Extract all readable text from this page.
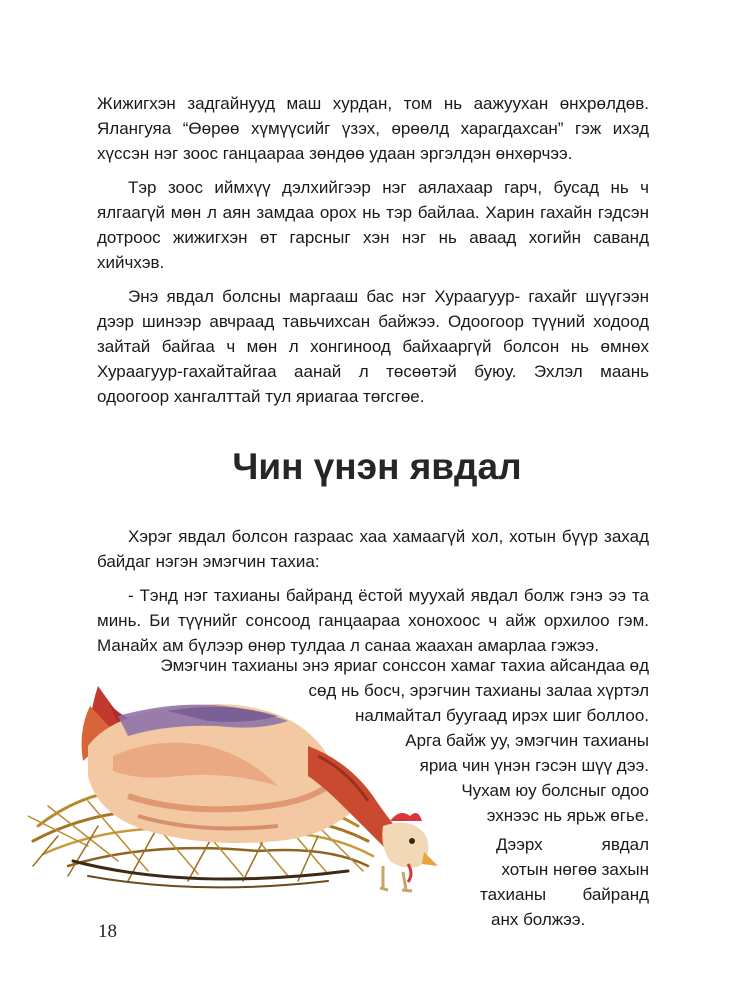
Жижигхэн задгайнууд маш хурдан, том нь аажуухан өнхрөлдөв. Ялангуяа “Өөрөө хүмүүсийг үзэх, өрөөлд харагдахсан” гэж ихэд хүссэн нэг зоос ганцаараа зөндөө удаан эргэлдэн өнхөрчээ.

Тэр зоос иймхүү дэлхийгээр нэг аялахаар гарч, бусад нь ч ялгаагүй мөн л аян замдаа орох нь тэр байлаа. Харин гахайн гэдсэн дотроос жижигхэн өт гарсныг хэн нэг нь аваад хогийн саванд хийчхэв.

Энэ явдал болсны маргааш бас нэг Хураагуур- гахайг шүүгээн дээр шинээр авчраад тавьчихсан байжээ. Одоогоор түүний ходоод зайтай байгаа ч мөн л хонгиноод байхааргүй болсон нь өмнөх Хураагуур-гахайтайгаа аанай л төсөөтэй буюу. Эхлэл маань одоогоор хангалттай тул яриагаа төгсгөе.

Чин үнэн явдал

Хэрэг явдал болсон газраас хаа хамаагүй хол, хотын бүүр захад байдаг нэгэн эмэгчин тахиа:

- Тэнд нэг тахианы байранд ёстой муухай явдал болж гэнэ ээ та минь. Би түүнийг сонсоод ганцаараа хонохоос ч айж орхилоо гэм. Манайх ам бүлээр өнөр тулдаа л санаа жаахан амарлаа гэжээ.

Эмэгчин тахианы энэ яриаг сонссон хамаг тахиа айсандаа өд

сөд нь босч, эрэгчин тахианы залаа хүртэл

налмайтал буугаад ирэх шиг боллоо.

Арга байж уу, эмэгчин тахианы

яриа чин үнэн гэсэн шүү дээ.

Чухам юу болсныг одоо

эхнээс нь ярьж өгье.

Дээрх	явдал

хотын нөгөө захын

тахианы байранд

анх болжээ.

18
